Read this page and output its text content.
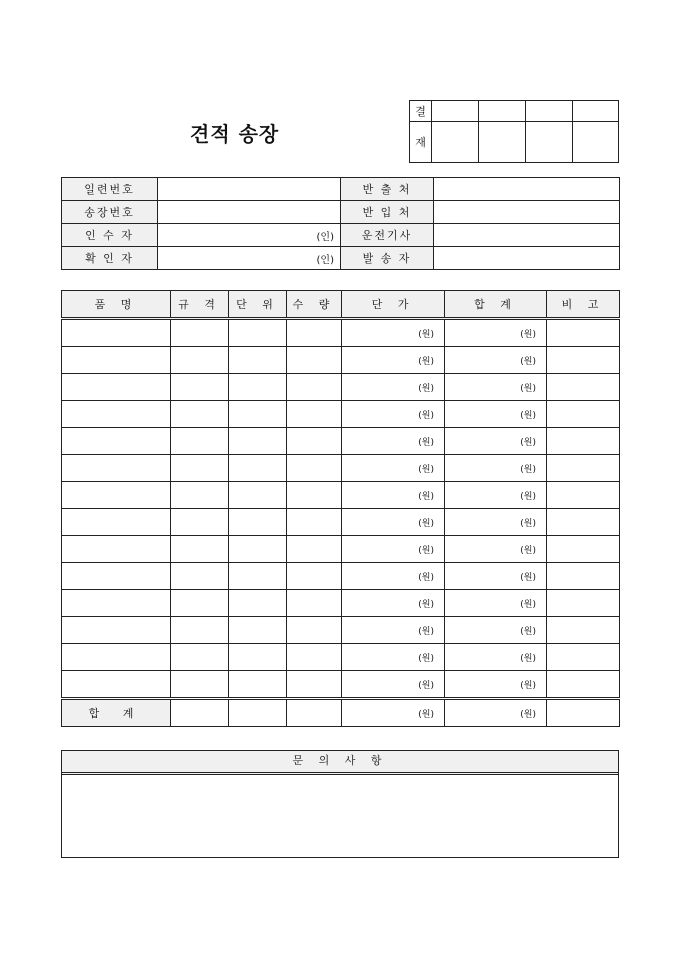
견적 송장
결				
재				
일련번호		반 출 처	
송장번호		반 입 처	
인 수 자	(인)	운전기사	
확 인 자	(인)	발 송 자	
품 명	규 격	단 위	수 량	단 가	합 계	비 고
				(원)	(원)	
				(원)	(원)	
				(원)	(원)	
				(원)	(원)	
				(원)	(원)	
				(원)	(원)	
				(원)	(원)	
				(원)	(원)	
				(원)	(원)	
				(원)	(원)	
				(원)	(원)	
				(원)	(원)	
				(원)	(원)	
				(원)	(원)	
합 계				(원)	(원)	
문 의 사 항
